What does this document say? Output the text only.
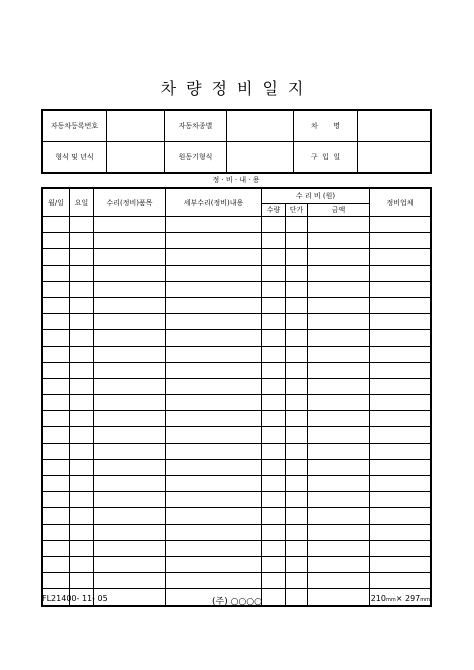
차량정비일지
자동차등록번호		자동차종별		차       명	
형식 및 년식		원동기형식		구  입  일	
정 · 비 · 내 · 용
월/일	요일	수리(정비)품목	세부수리(정비)내용	수 리 비 (원)			정비업체
				수량	단가	금액	

FL21400- 11- 05	(주) ○○○○	210mm× 297mm
